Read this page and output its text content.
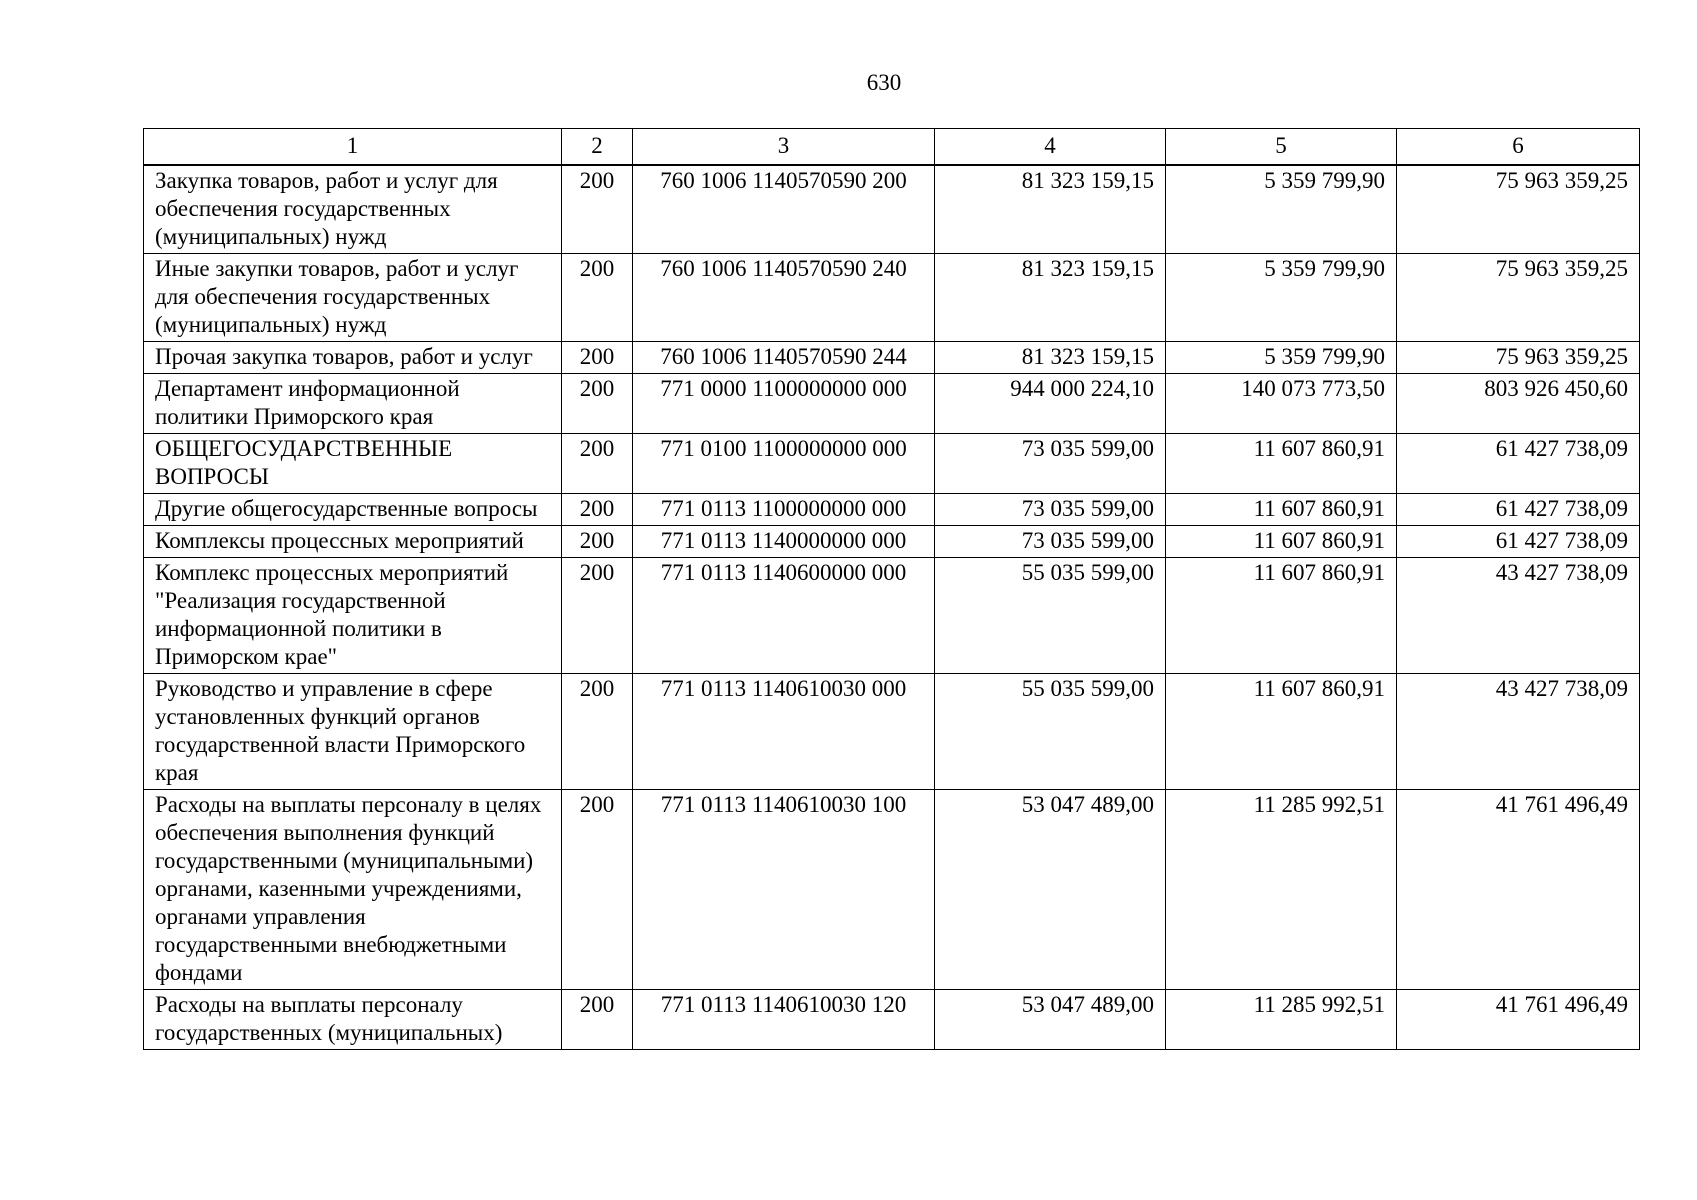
630
1	2	3	4	5	6
Закупка товаров, работ и услуг для обеспечения государственных (муниципальных) нужд	200	760 1006 1140570590 200	81 323 159,15	5 359 799,90	75 963 359,25
Иные закупки товаров, работ и услуг для обеспечения государственных (муниципальных) нужд	200	760 1006 1140570590 240	81 323 159,15	5 359 799,90	75 963 359,25
Прочая закупка товаров, работ и услуг	200	760 1006 1140570590 244	81 323 159,15	5 359 799,90	75 963 359,25
Департамент информационной политики Приморского края	200	771 0000 1100000000 000	944 000 224,10	140 073 773,50	803 926 450,60
ОБЩЕГОСУДАРСТВЕННЫЕ ВОПРОСЫ	200	771 0100 1100000000 000	73 035 599,00	11 607 860,91	61 427 738,09
Другие общегосударственные вопросы	200	771 0113 1100000000 000	73 035 599,00	11 607 860,91	61 427 738,09
Комплексы процессных мероприятий	200	771 0113 1140000000 000	73 035 599,00	11 607 860,91	61 427 738,09
Комплекс процессных мероприятий "Реализация государственной информационной политики в Приморском крае"	200	771 0113 1140600000 000	55 035 599,00	11 607 860,91	43 427 738,09
Руководство и управление в сфере установленных функций органов государственной власти Приморского края	200	771 0113 1140610030 000	55 035 599,00	11 607 860,91	43 427 738,09
Расходы на выплаты персоналу в целях обеспечения выполнения функций государственными (муниципальными) органами, казенными учреждениями, органами управления государственными внебюджетными фондами	200	771 0113 1140610030 100	53 047 489,00	11 285 992,51	41 761 496,49
Расходы на выплаты персоналу государственных (муниципальных)	200	771 0113 1140610030 120	53 047 489,00	11 285 992,51	41 761 496,49
